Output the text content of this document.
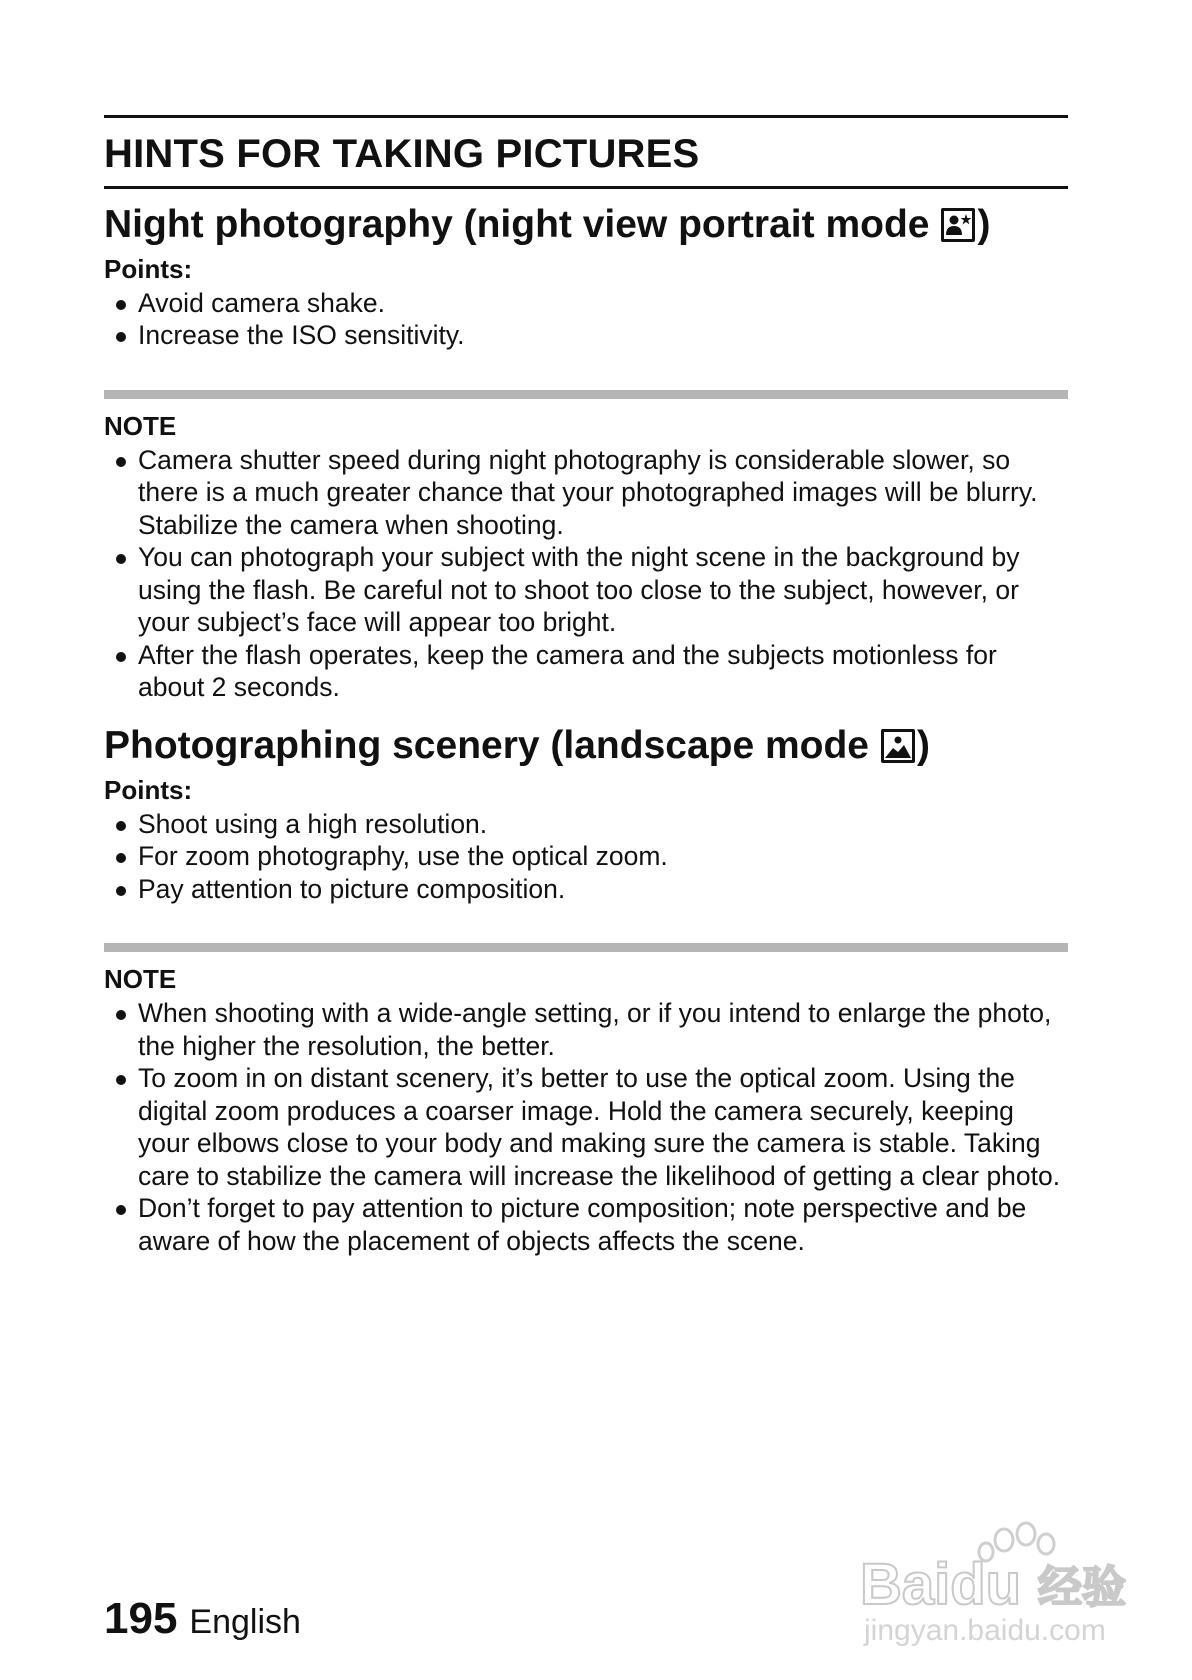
HINTS FOR TAKING PICTURES
Night photography (night view portrait mode )
Points:
Avoid camera shake.
Increase the ISO sensitivity.
NOTE
Camera shutter speed during night photography is considerable slower, so there is a much greater chance that your photographed images will be blurry. Stabilize the camera when shooting.
You can photograph your subject with the night scene in the background by using the flash. Be careful not to shoot too close to the subject, however, or your subject’s face will appear too bright.
After the flash operates, keep the camera and the subjects motionless for about 2 seconds.
Photographing scenery (landscape mode )
Points:
Shoot using a high resolution.
For zoom photography, use the optical zoom.
Pay attention to picture composition.
NOTE
When shooting with a wide-angle setting, or if you intend to enlarge the photo, the higher the resolution, the better.
To zoom in on distant scenery, it’s better to use the optical zoom. Using the digital zoom produces a coarser image. Hold the camera securely, keeping your elbows close to your body and making sure the camera is stable. Taking care to stabilize the camera will increase the likelihood of getting a clear photo.
Don’t forget to pay attention to picture composition; note perspective and be aware of how the placement of objects affects the scene.
195 English
Baidu 经验
jingyan.baidu.com
